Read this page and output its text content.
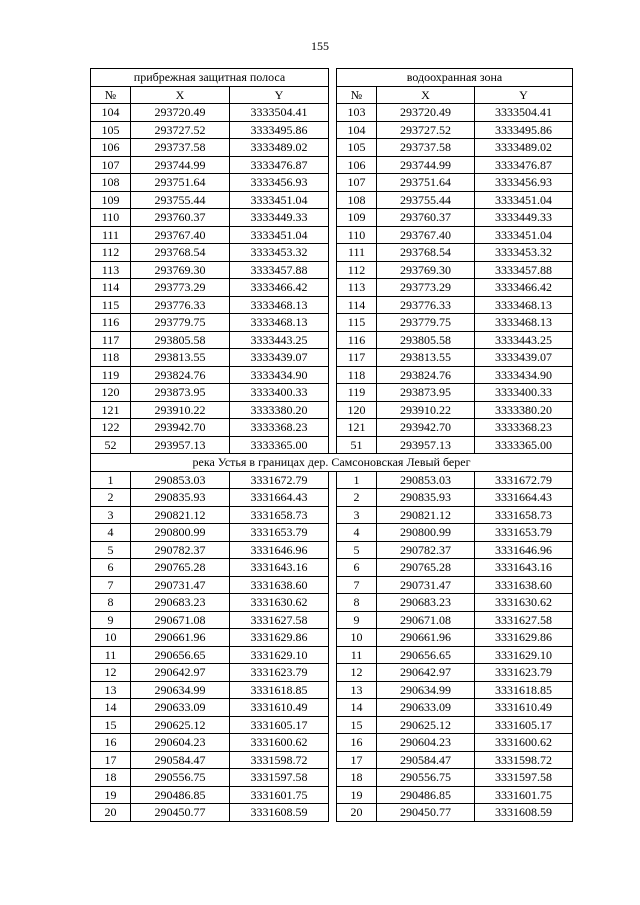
155
прибрежная защитная полоса				водоохранная зона		
№	X	Y		№	X	Y
104	293720.49	3333504.41		103	293720.49	3333504.41
105	293727.52	3333495.86		104	293727.52	3333495.86
106	293737.58	3333489.02		105	293737.58	3333489.02
107	293744.99	3333476.87		106	293744.99	3333476.87
108	293751.64	3333456.93		107	293751.64	3333456.93
109	293755.44	3333451.04		108	293755.44	3333451.04
110	293760.37	3333449.33		109	293760.37	3333449.33
111	293767.40	3333451.04		110	293767.40	3333451.04
112	293768.54	3333453.32		111	293768.54	3333453.32
113	293769.30	3333457.88		112	293769.30	3333457.88
114	293773.29	3333466.42		113	293773.29	3333466.42
115	293776.33	3333468.13		114	293776.33	3333468.13
116	293779.75	3333468.13		115	293779.75	3333468.13
117	293805.58	3333443.25		116	293805.58	3333443.25
118	293813.55	3333439.07		117	293813.55	3333439.07
119	293824.76	3333434.90		118	293824.76	3333434.90
120	293873.95	3333400.33		119	293873.95	3333400.33
121	293910.22	3333380.20		120	293910.22	3333380.20
122	293942.70	3333368.23		121	293942.70	3333368.23
52	293957.13	3333365.00		51	293957.13	3333365.00
река Устья в границах дер. Самсоновская Левый берег						
1	290853.03	3331672.79		1	290853.03	3331672.79
2	290835.93	3331664.43		2	290835.93	3331664.43
3	290821.12	3331658.73		3	290821.12	3331658.73
4	290800.99	3331653.79		4	290800.99	3331653.79
5	290782.37	3331646.96		5	290782.37	3331646.96
6	290765.28	3331643.16		6	290765.28	3331643.16
7	290731.47	3331638.60		7	290731.47	3331638.60
8	290683.23	3331630.62		8	290683.23	3331630.62
9	290671.08	3331627.58		9	290671.08	3331627.58
10	290661.96	3331629.86		10	290661.96	3331629.86
11	290656.65	3331629.10		11	290656.65	3331629.10
12	290642.97	3331623.79		12	290642.97	3331623.79
13	290634.99	3331618.85		13	290634.99	3331618.85
14	290633.09	3331610.49		14	290633.09	3331610.49
15	290625.12	3331605.17		15	290625.12	3331605.17
16	290604.23	3331600.62		16	290604.23	3331600.62
17	290584.47	3331598.72		17	290584.47	3331598.72
18	290556.75	3331597.58		18	290556.75	3331597.58
19	290486.85	3331601.75		19	290486.85	3331601.75
20	290450.77	3331608.59		20	290450.77	3331608.59
